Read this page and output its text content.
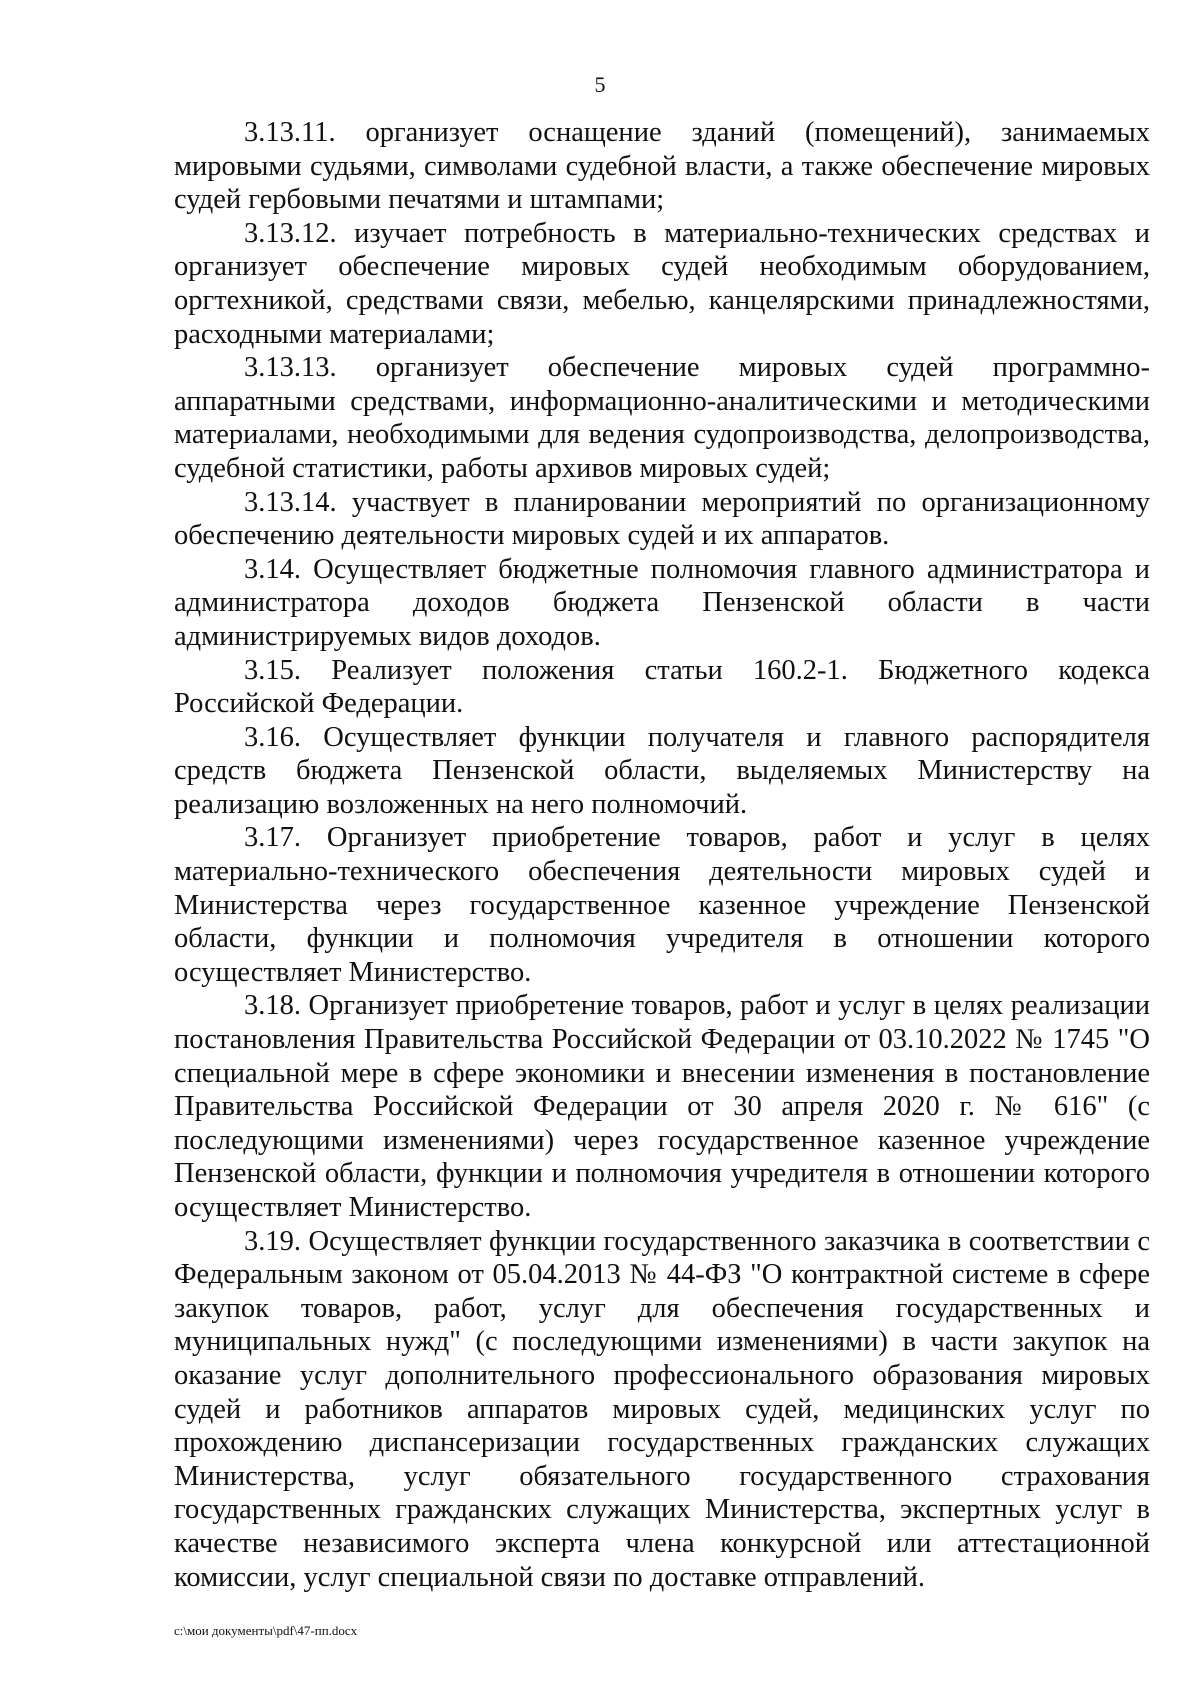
5

3.13.11. организует оснащение зданий (помещений), занимаемых мировыми судьями, символами судебной власти, а также обеспечение мировых судей гербовыми печатями и штампами;

3.13.12. изучает потребность в материально-технических средствах и организует обеспечение мировых судей необходимым оборудованием, оргтехникой, средствами связи, мебелью, канцелярскими принадлежностями, расходными материалами;

3.13.13. организует обеспечение мировых судей программно-аппаратными средствами, информационно-аналитическими и методическими материалами, необходимыми для ведения судопроизводства, делопроизводства, судебной статистики, работы архивов мировых судей;

3.13.14. участвует в планировании мероприятий по организационному обеспечению деятельности мировых судей и их аппаратов.

3.14. Осуществляет бюджетные полномочия главного администратора и администратора доходов бюджета Пензенской области в части администрируемых видов доходов.

3.15. Реализует положения статьи 160.2-1. Бюджетного кодекса Российской Федерации.

3.16. Осуществляет функции получателя и главного распорядителя средств бюджета Пензенской области, выделяемых Министерству на реализацию возложенных на него полномочий.

3.17. Организует приобретение товаров, работ и услуг в целях материально-технического обеспечения деятельности мировых судей и Министерства через государственное казенное учреждение Пензенской области, функции и полномочия учредителя в отношении которого осуществляет Министерство.

3.18. Организует приобретение товаров, работ и услуг в целях реализации постановления Правительства Российской Федерации от 03.10.2022 № 1745 "О специальной мере в сфере экономики и внесении изменения в постановление Правительства Российской Федерации от 30 апреля 2020 г. № 616" (с последующими изменениями) через государственное казенное учреждение Пензенской области, функции и полномочия учредителя в отношении которого осуществляет Министерство.

3.19. Осуществляет функции государственного заказчика в соответствии с Федеральным законом от 05.04.2013 № 44-ФЗ "О контрактной системе в сфере закупок товаров, работ, услуг для обеспечения государственных и муниципальных нужд" (с последующими изменениями) в части закупок на оказание услуг дополнительного профессионального образования мировых судей и работников аппаратов мировых судей, медицинских услуг по прохождению диспансеризации государственных гражданских служащих Министерства, услуг обязательного государственного страхования государственных гражданских служащих Министерства, экспертных услуг в качестве независимого эксперта члена конкурсной или аттестационной комиссии, услуг специальной связи по доставке отправлений.

c:\мои документы\pdf\47-пп.docx
